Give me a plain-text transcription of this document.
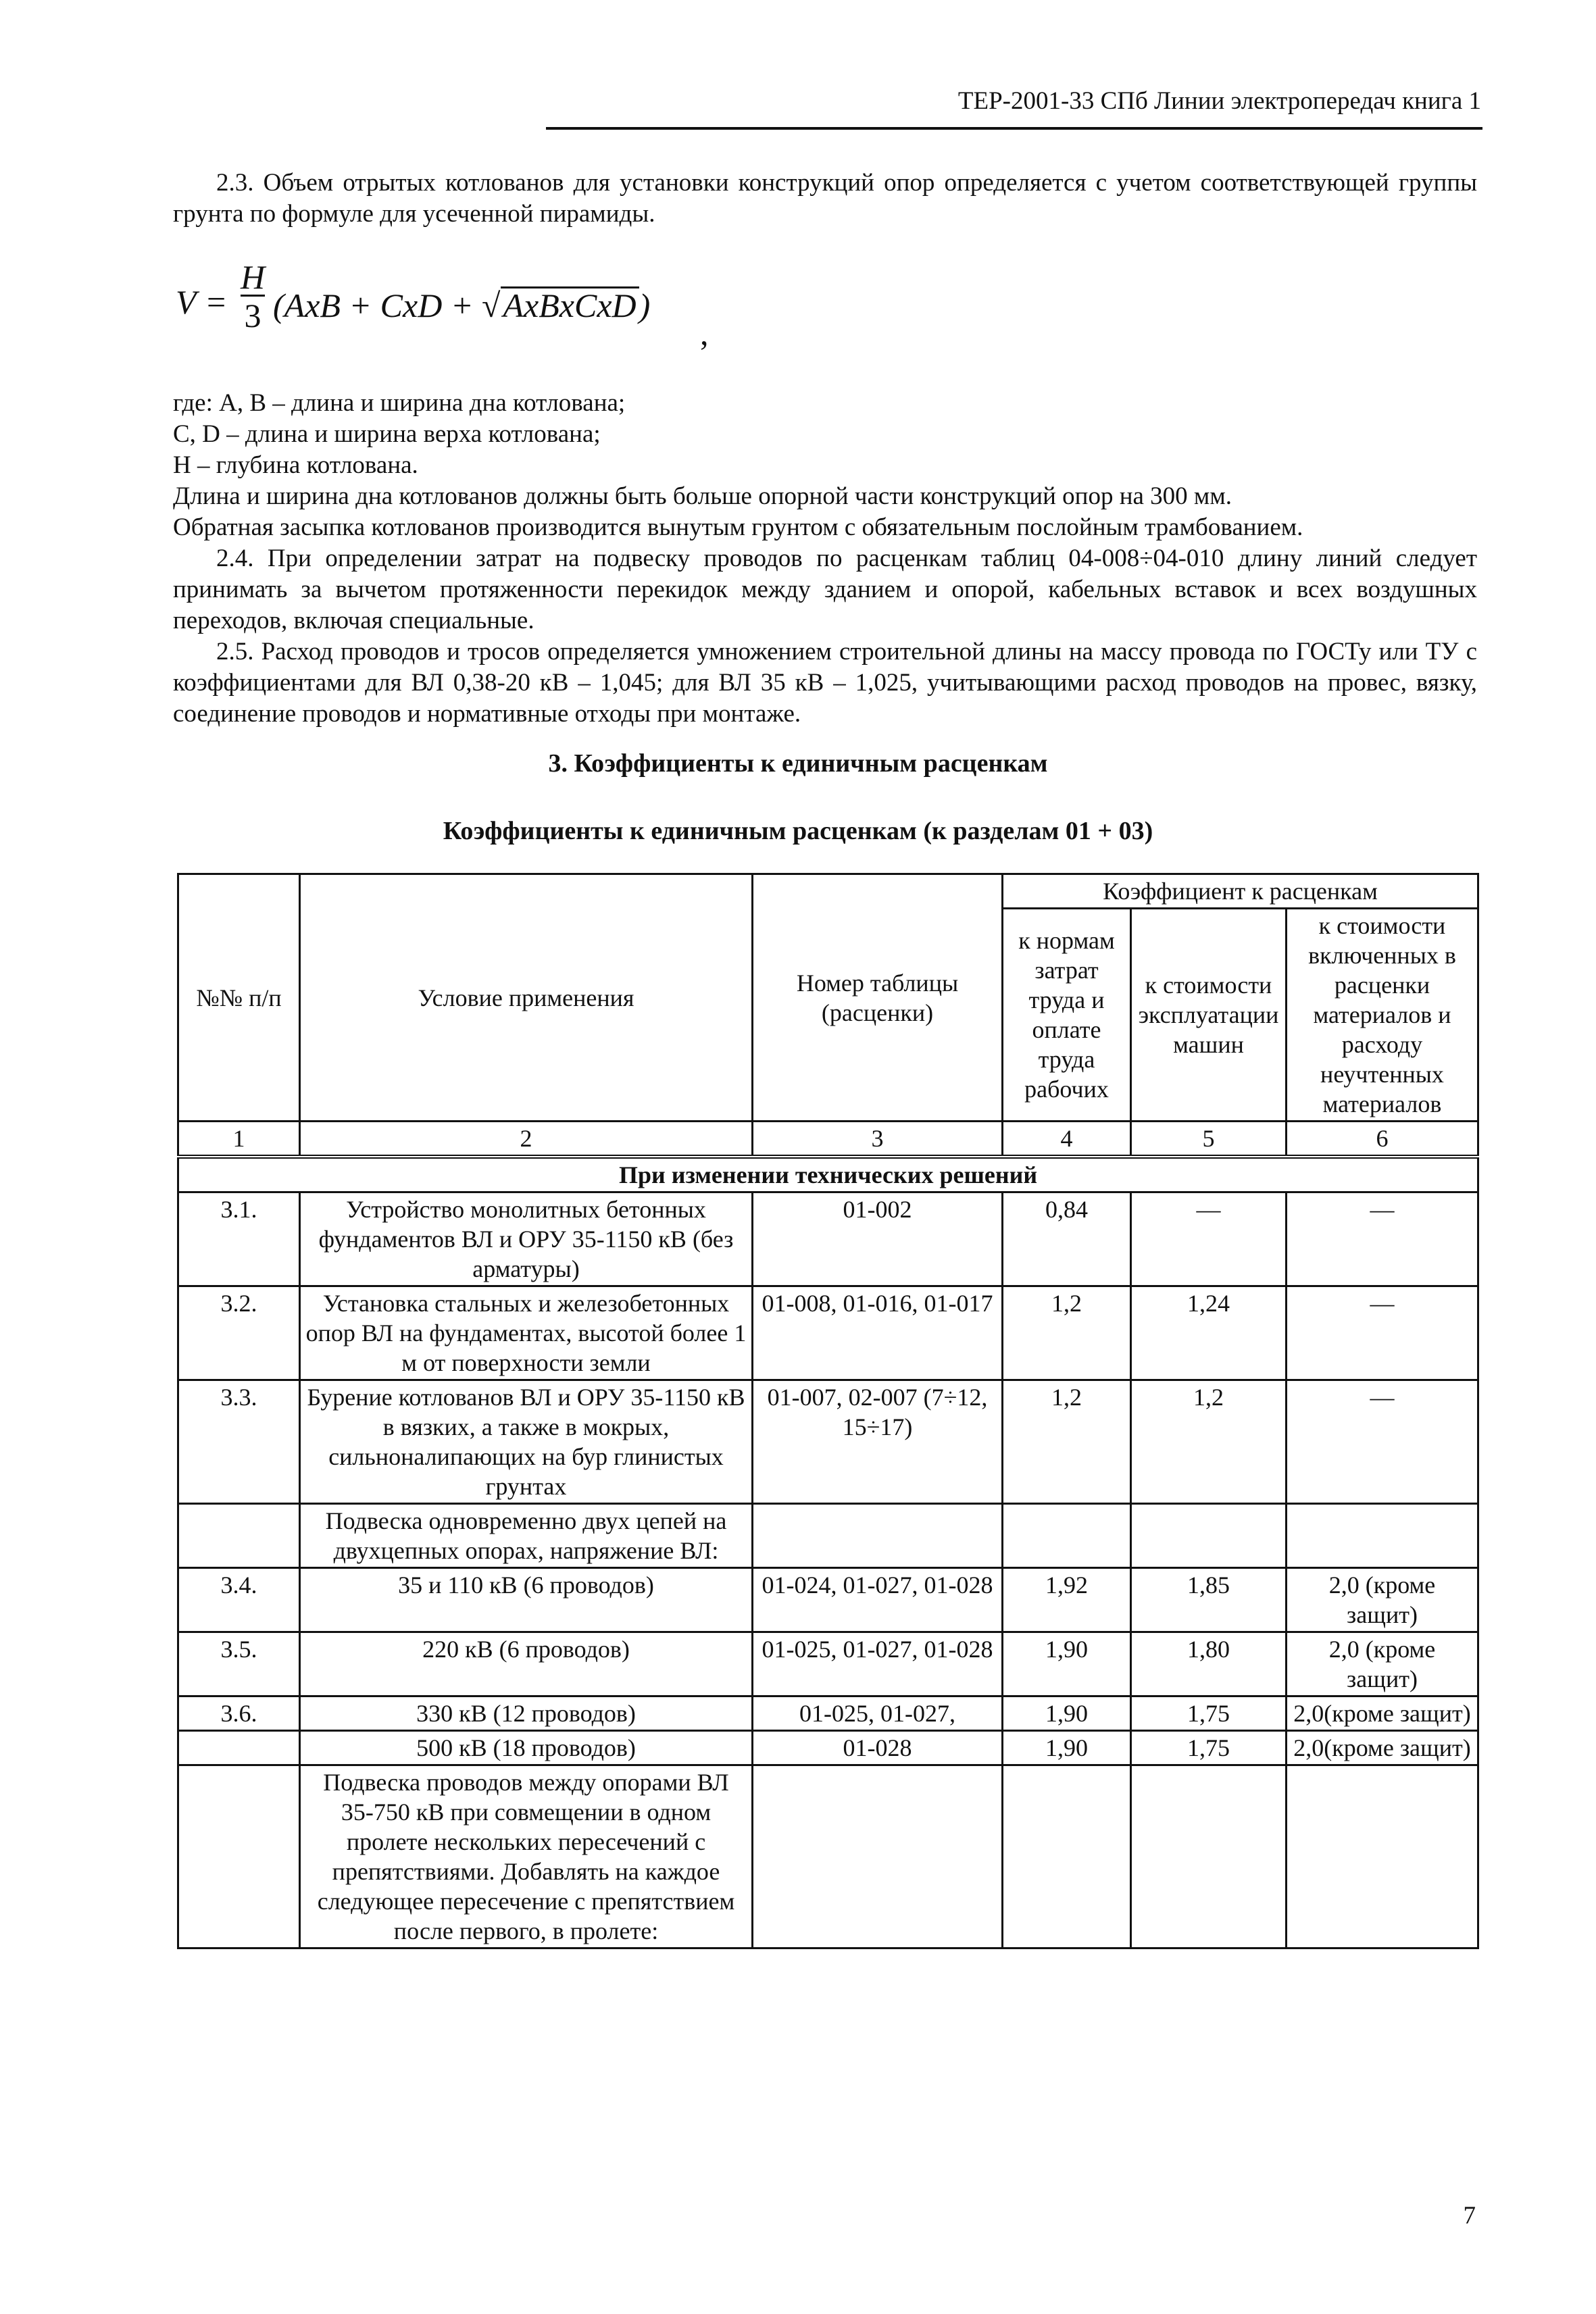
ТЕР-2001-33 СПб Линии электропередач книга 1

2.3. Объем отрытых котлованов для установки конструкций опор определяется с учетом соответствующей группы грунта по формуле для усеченной пирамиды.

V =
H
3 (AxB + CxD + √AxBxCxD)
,

где: А, В – длина и ширина дна котлована;

С, D – длина и ширина верха котлована;

Н – глубина котлована.

Длина и ширина дна котлованов должны быть больше опорной части конструкций опор на 300 мм.

Обратная засыпка котлованов производится вынутым грунтом с обязательным послойным трамбованием.

2.4. При определении затрат на подвеску проводов по расценкам таблиц 04-008÷04-010 длину линий следует принимать за вычетом протяженности перекидок между зданием и опорой, кабельных вставок и всех воздушных переходов, включая специальные.

2.5. Расход проводов и тросов определяется умножением строительной длины на массу провода по ГОСТу или ТУ с коэффициентами для ВЛ 0,38-20 кВ – 1,045; для ВЛ 35 кВ – 1,025, учитывающими расход проводов на провес, вязку, соединение проводов и нормативные отходы при монтаже.

3. Коэффициенты к единичным расценкам
Коэффициенты к единичным расценкам (к разделам 01 + 03)
№№ п/п	Условие применения	Номер таблицы (расценки)	Коэффициент к расценкам		
			к нормам затрат труда и оплате труда рабочих	к стоимости эксплуатации машин	к стоимости включенных в расценки материалов и расходу неучтенных материалов
1	2	3	4	5	6
При изменении технических решений					
3.1.	Устройство монолитных бетонных фундаментов ВЛ и ОРУ 35-1150 кВ (без арматуры)	01-002	0,84	—	—
3.2.	Установка стальных и железобетонных опор ВЛ на фундаментах, высотой более 1 м от поверхности земли	01-008, 01-016, 01-017	1,2	1,24	—
3.3.	Бурение котлованов ВЛ и ОРУ 35-1150 кВ в вязких, а также в мокрых, сильноналипающих на бур глинистых грунтах	01-007, 02-007 (7÷12, 15÷17)	1,2	1,2	—
	Подвеска одновременно двух цепей на двухцепных опорах, напряжение ВЛ:				
3.4.	35 и 110 кВ (6 проводов)	01-024, 01-027, 01-028	1,92	1,85	2,0 (кроме защит)
3.5.	220 кВ (6 проводов)	01-025, 01-027, 01-028	1,90	1,80	2,0 (кроме защит)
3.6.	330 кВ (12 проводов)	01-025, 01-027,	1,90	1,75	2,0(кроме защит)
	500 кВ (18 проводов)	01-028	1,90	1,75	2,0(кроме защит)
	Подвеска проводов между опорами ВЛ 35-750 кВ при совмещении в одном пролете нескольких пересечений с препятствиями. Добавлять на каждое следующее пересечение с препятствием после первого, в пролете:				
7
